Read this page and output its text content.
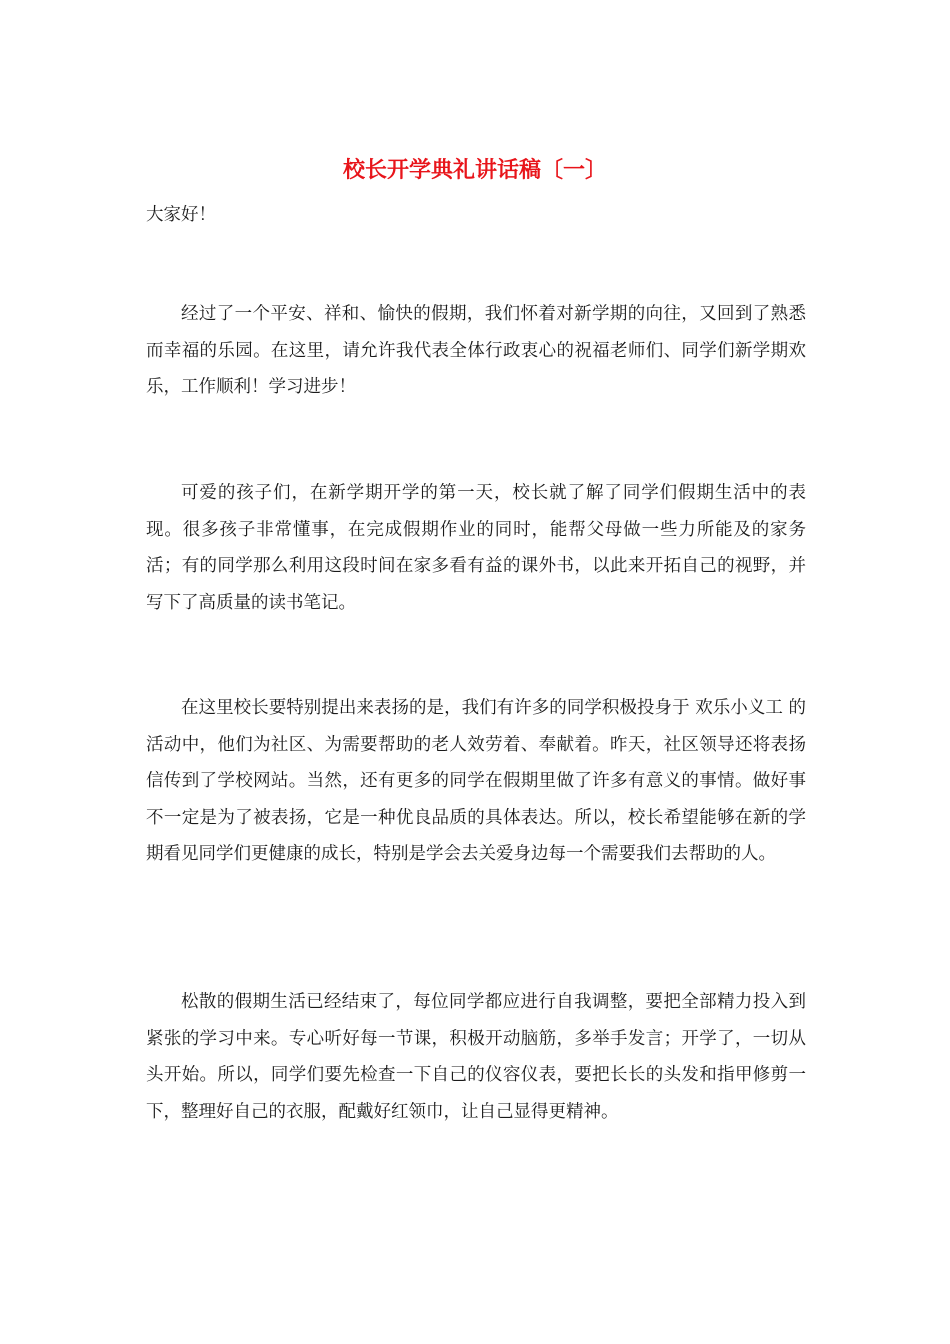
校长开学典礼讲话稿〔一〕

大家好！

经过了一个平安、祥和、愉快的假期，我们怀着对新学期的向往，又回到了熟悉而幸福的乐园。在这里，请允许我代表全体行政衷心的祝福老师们、同学们新学期欢乐，工作顺利！学习进步！

可爱的孩子们，在新学期开学的第一天，校长就了解了同学们假期生活中的表现。很多孩子非常懂事，在完成假期作业的同时，能帮父母做一些力所能及的家务活；有的同学那么利用这段时间在家多看有益的课外书，以此来开拓自己的视野，并写下了高质量的读书笔记。

在这里校长要特别提出来表扬的是，我们有许多的同学积极投身于 欢乐小义工 的活动中，他们为社区、为需要帮助的老人效劳着、奉献着。昨天，社区领导还将表扬信传到了学校网站。当然，还有更多的同学在假期里做了许多有意义的事情。做好事不一定是为了被表扬，它是一种优良品质的具体表达。所以，校长希望能够在新的学期看见同学们更健康的成长，特别是学会去关爱身边每一个需要我们去帮助的人。

松散的假期生活已经结束了，每位同学都应进行自我调整，要把全部精力投入到紧张的学习中来。专心听好每一节课，积极开动脑筋，多举手发言；开学了，一切从头开始。所以，同学们要先检查一下自己的仪容仪表，要把长长的头发和指甲修剪一下，整理好自己的衣服，配戴好红领巾，让自己显得更精神。
